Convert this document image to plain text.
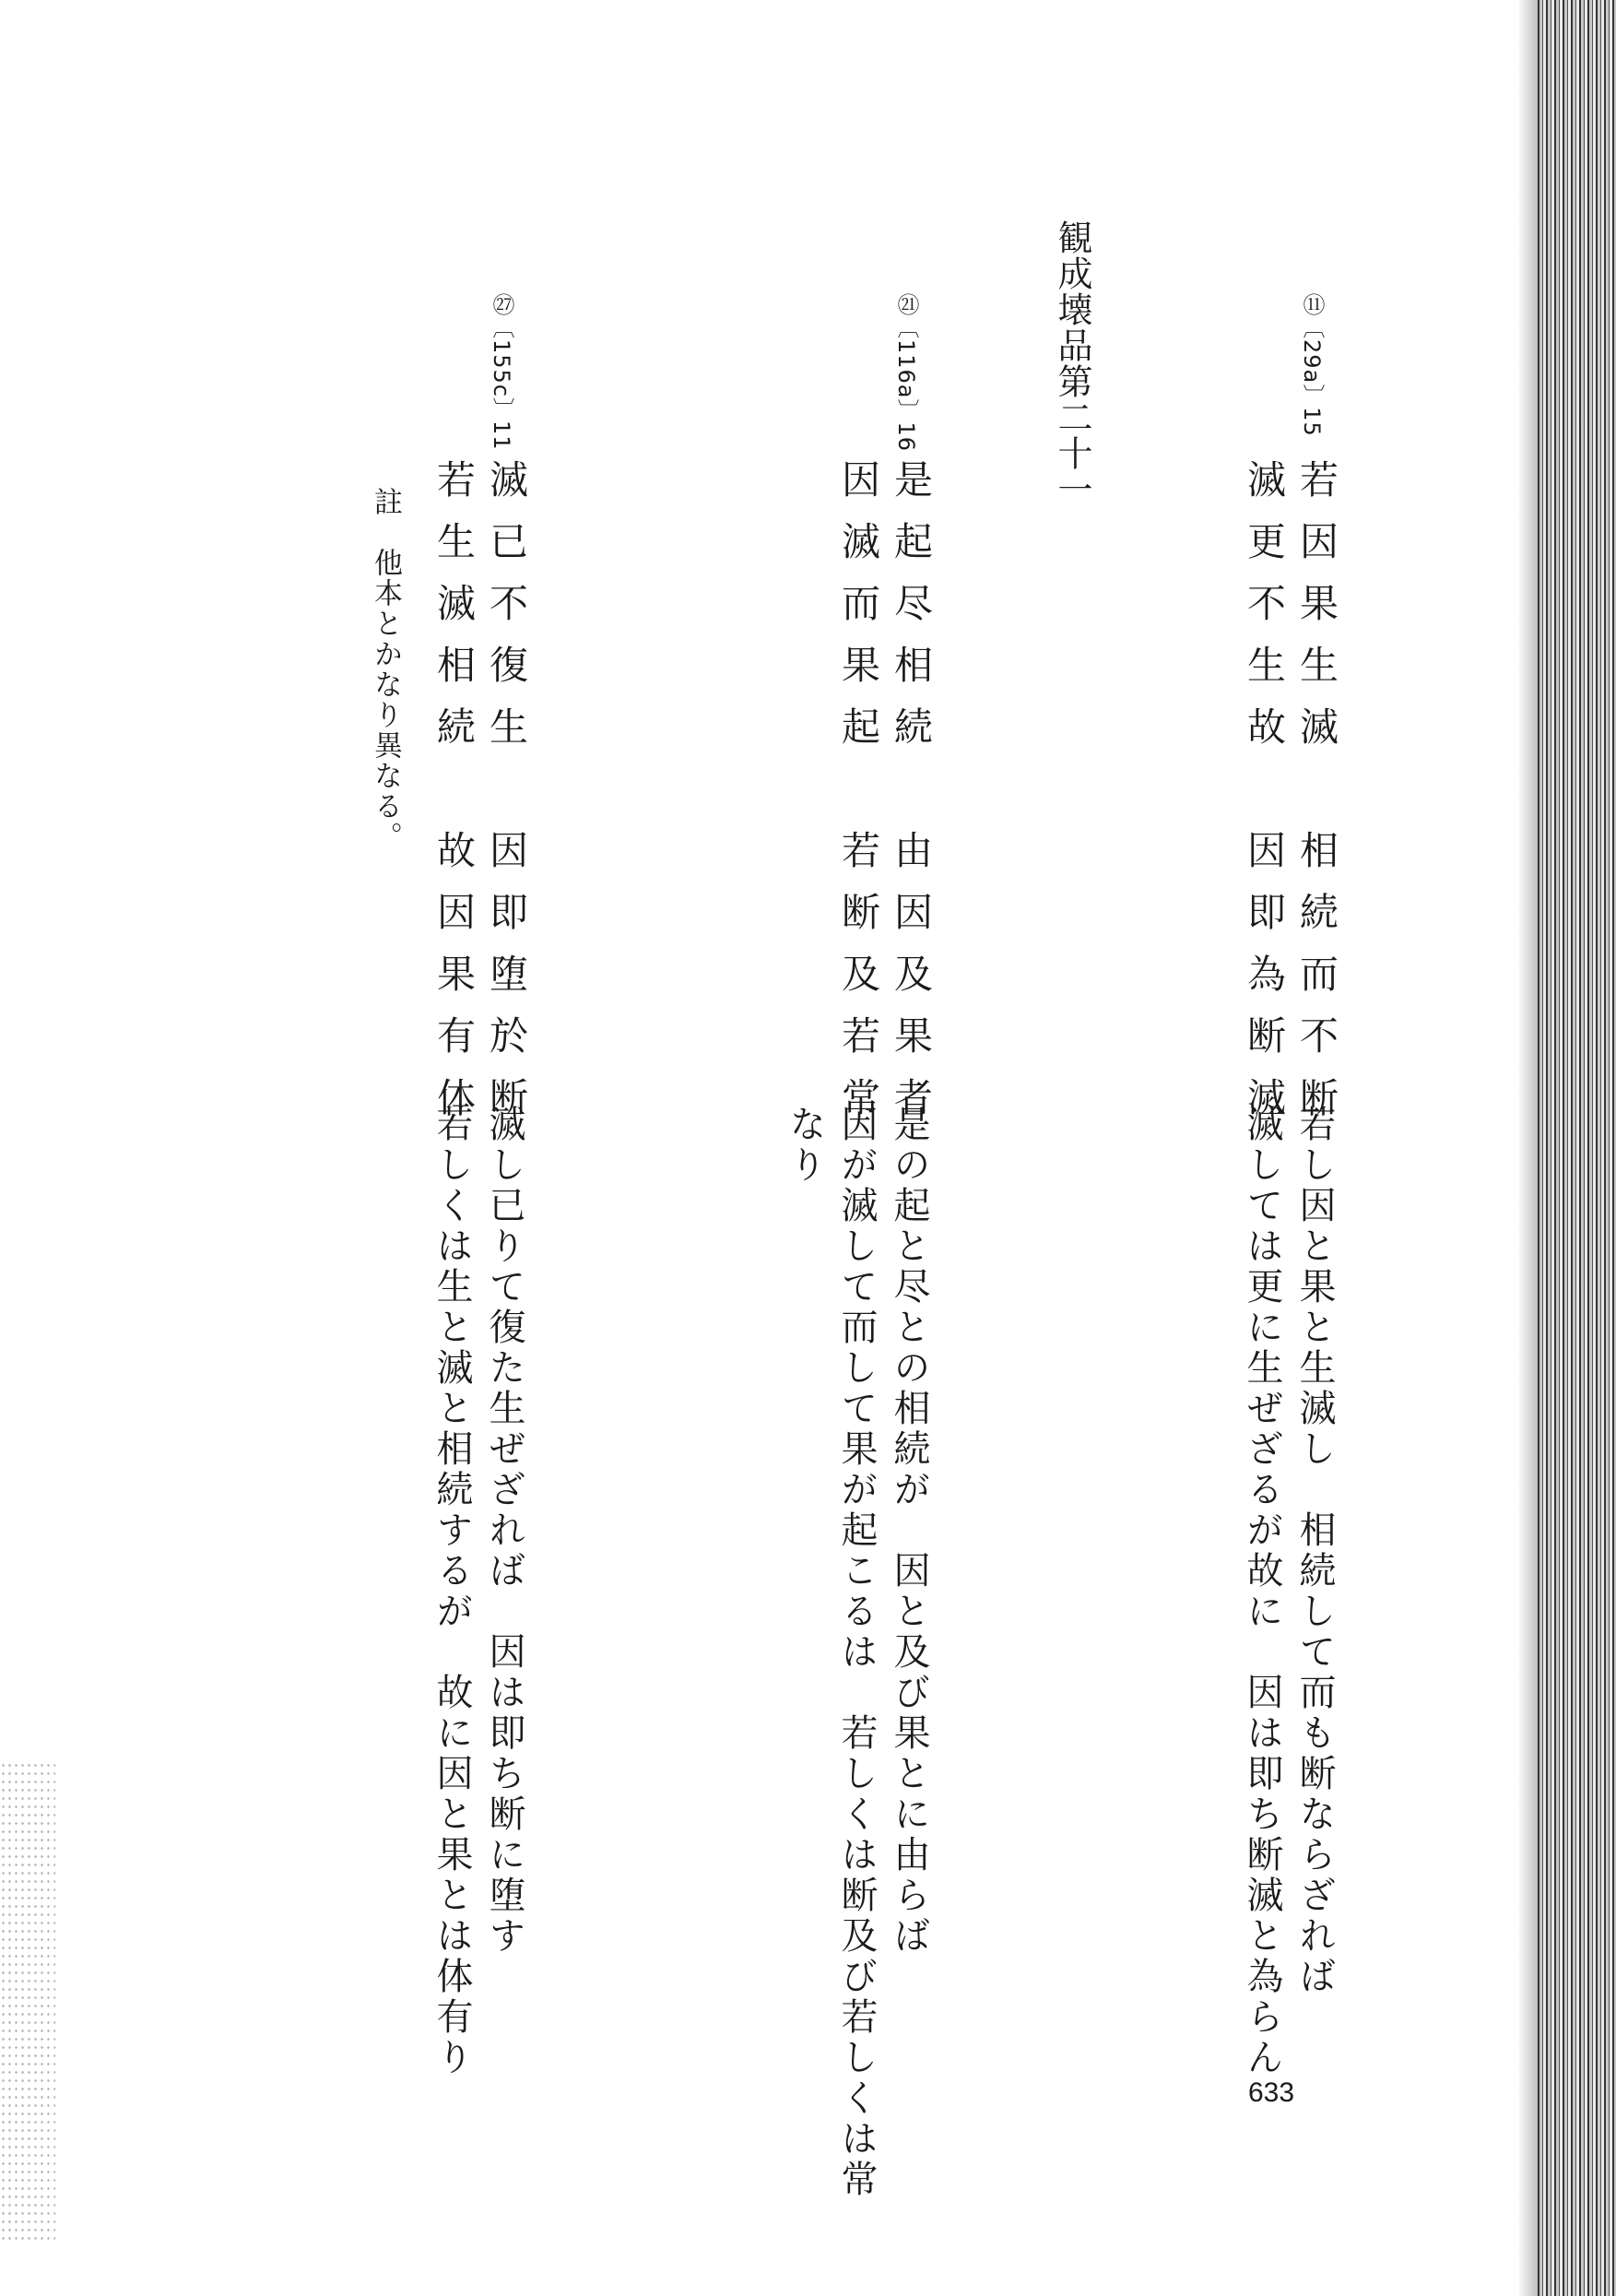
観成壊品第二十一	⑪〔29a〕15
若因果生滅　相続而不断
滅更不生故　因即為断滅
若し因と果と生滅し　相続して而も断ならざれば
滅しては更に生ぜざるが故に　因は即ち断滅と為らん
㉑〔116a〕16
是起尽相続　由因及果者
因滅而果起　若断及若常
是の起と尽との相続が　因と及び果とに由らば
因が滅して而して果が起こるは　若しくは断及び若しくは常
なり
㉗〔155c〕11
滅已不復生　因即堕於断
若生滅相続　故因果有体
滅し已りて復た生ぜざれば　因は即ち断に堕す
若しくは生と滅と相続するが　故に因と果とは体有り
註　他本とかなり異なる。
633
